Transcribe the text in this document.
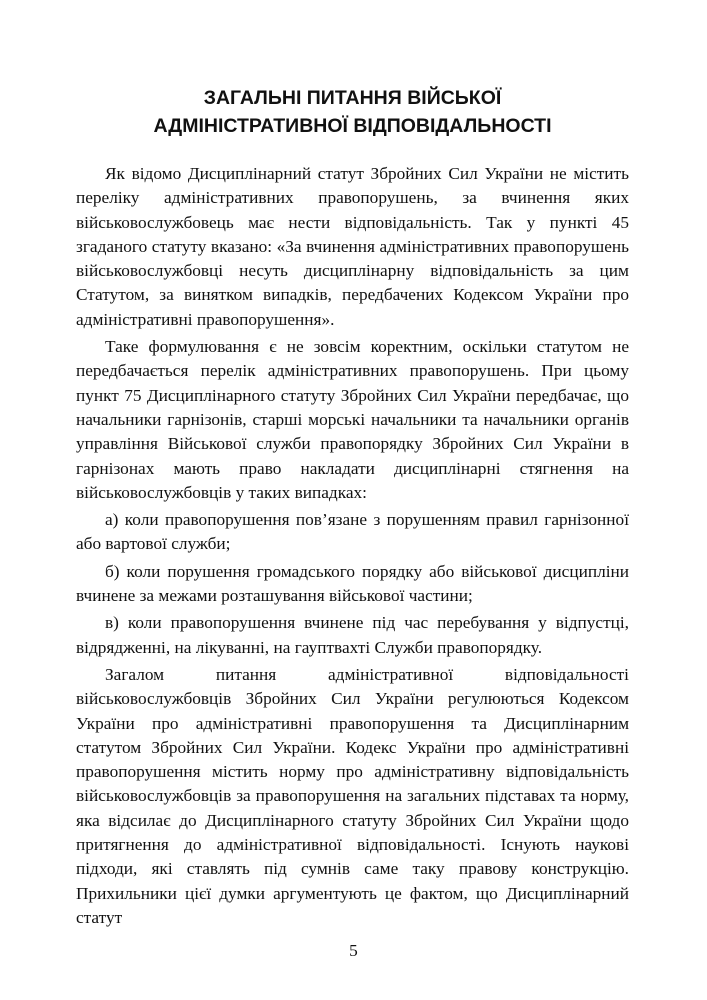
ЗАГАЛЬНІ ПИТАННЯ ВІЙСЬКОЇ
АДМІНІСТРАТИВНОЇ ВІДПОВІДАЛЬНОСТІ

Як відомо Дисциплінарний статут Збройних Сил України не містить переліку адміністративних правопорушень, за вчинення яких військовослужбовець має нести відповідальність. Так у пункті 45 згаданого статуту вказано: «За вчинення адміністративних правопорушень військовослужбовці несуть дисциплінарну відповідальність за цим Статутом, за винятком випадків, передбачених Кодексом України про адміністративні правопорушення».

Таке формулювання є не зовсім коректним, оскільки статутом не передбачається перелік адміністративних правопорушень. При цьому пункт 75 Дисциплінарного статуту Збройних Сил України передбачає, що начальники гарнізонів, старші морські начальники та начальники органів управління Військової служби правопорядку Збройних Сил України в гарнізонах мають право накладати дисциплінарні стягнення на військовослужбовців у таких випадках:

а) коли правопорушення пов’язане з порушенням правил гарнізонної або вартової служби;

б) коли порушення громадського порядку або військової дисципліни вчинене за межами розташування військової частини;

в) коли правопорушення вчинене під час перебування у відпустці, відрядженні, на лікуванні, на гауптвахті Служби правопорядку.

Загалом питання адміністративної відповідальності військовослужбовців Збройних Сил України регулюються Кодексом України про адміністративні правопорушення та Дисциплінарним статутом Збройних Сил України. Кодекс України про адміністративні правопорушення містить норму про адміністративну відповідальність військовослужбовців за правопорушення на загальних підставах та норму, яка відсилає до Дисциплінарного статуту Збройних Сил України щодо притягнення до адміністративної відповідальності. Існують наукові підходи, які ставлять під сумнів саме таку правову конструкцію. Прихильники цієї думки аргументують це фактом, що Дисциплінарний статут

5
